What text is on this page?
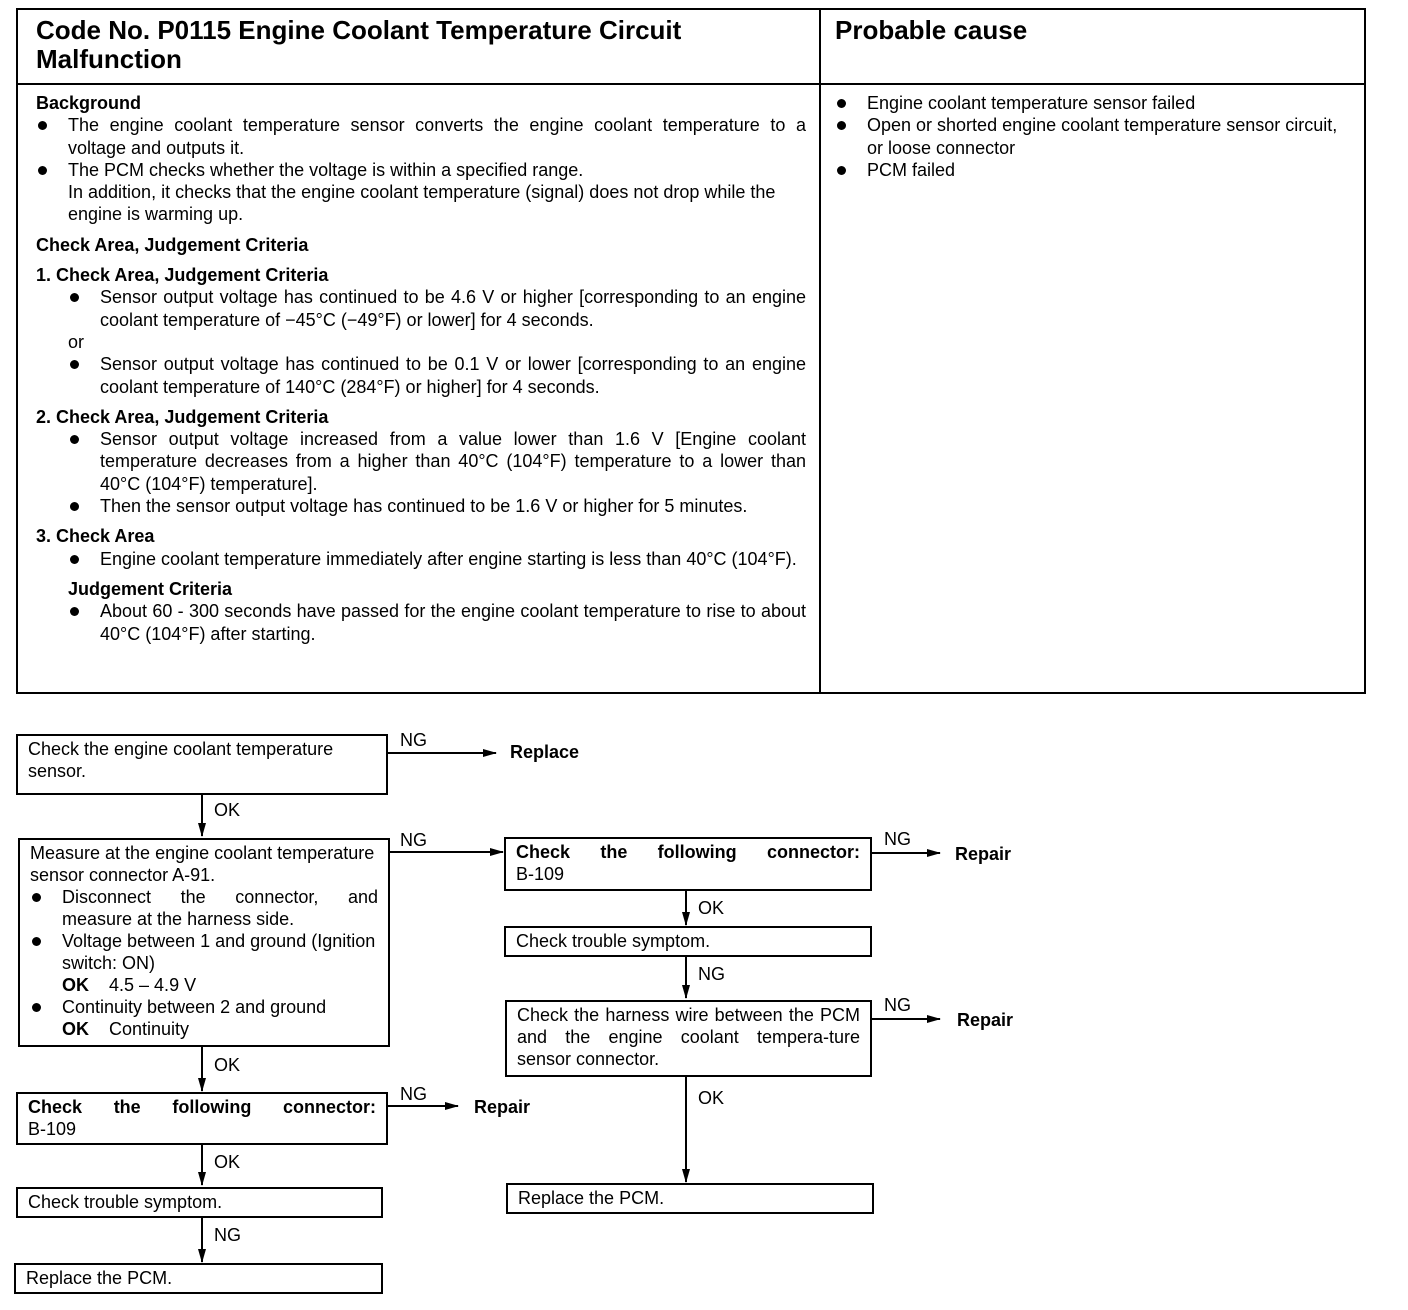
Code No. P0115 Engine Coolant Temperature Circuit Malfunction
Probable cause
Background
The engine coolant temperature sensor converts the engine coolant temperature to a voltage and outputs it.
The PCM checks whether the voltage is within a specified range.
In addition, it checks that the engine coolant temperature (signal) does not drop while the engine is warming up.
Check Area, Judgement Criteria
1. Check Area, Judgement Criteria
Sensor output voltage has continued to be 4.6 V or higher [corresponding to an engine coolant temperature of −45°C (−49°F) or lower] for 4 seconds.
or
Sensor output voltage has continued to be 0.1 V or lower [corresponding to an engine coolant temperature of 140°C (284°F) or higher] for 4 seconds.
2. Check Area, Judgement Criteria
Sensor output voltage increased from a value lower than 1.6 V [Engine coolant temperature decreases from a higher than 40°C (104°F) temperature to a lower than 40°C (104°F) temperature].
Then the sensor output voltage has continued to be 1.6 V or higher for 5 minutes.
3. Check Area
Engine coolant temperature immediately after engine starting is less than 40°C (104°F).
Judgement Criteria
About 60 - 300 seconds have passed for the engine coolant temperature to rise to about 40°C (104°F) after starting.
Engine coolant temperature sensor failed
Open or shorted engine coolant temperature sensor circuit, or loose connector
PCM failed
Check the engine coolant temperature sensor.
NG
Replace
OK
Measure at the engine coolant temperature sensor connector A-91.
Disconnect the connector, and measure at the harness side.
Voltage between 1 and ground (Ignition switch: ON)
OK 4.5 – 4.9 V
Continuity between 2 and ground
OK Continuity
NG
OK
Check the following connector:
B-109
NG
Repair
OK
Check trouble symptom.
NG
Replace the PCM.
Check the following connector:
B-109
NG
Repair
OK
Check trouble symptom.
NG
Check the harness wire between the PCM and the engine coolant tempera-ture sensor connector.
NG
Repair
OK
Replace the PCM.
